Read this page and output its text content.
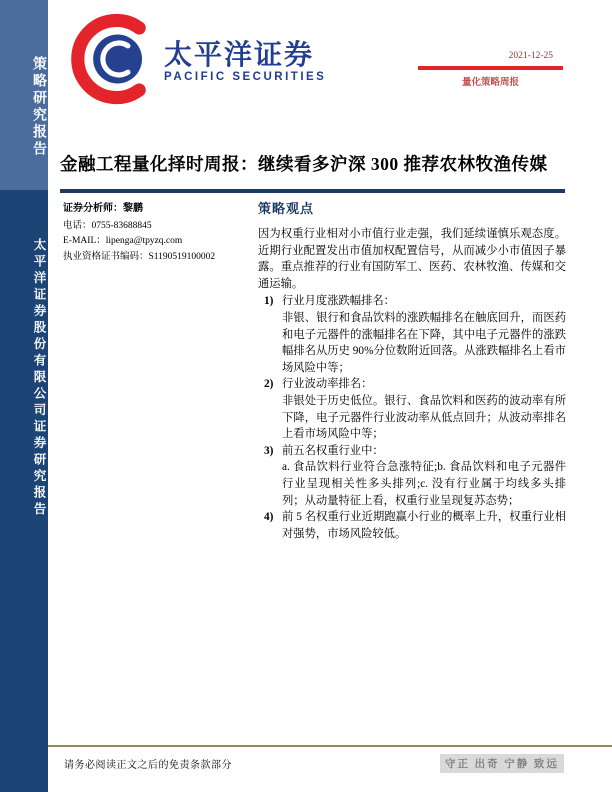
策略研究报告
太平洋证券股份有限公司证券研究报告
太平洋证券
PACIFIC SECURITIES
2021-12-25
量化策略周报
金融工程量化择时周报：继续看多沪深 300 推荐农林牧渔传媒
证券分析师：黎鹏
电话：0755-83688845
E-MAIL：lipenga@tpyzq.com
执业资格证书编码：S1190519100002
策略观点
因为权重行业相对小市值行业走强，我们延续谨慎乐观态度。近期行业配置发出市值加权配置信号，从而减少小市值因子暴露。重点推荐的行业有国防军工、医药、农林牧渔、传媒和交通运输。
1) 行业月度涨跌幅排名：
非银、银行和食品饮料的涨跌幅排名在触底回升，而医药和电子元器件的涨幅排名在下降，其中电子元器件的涨跌幅排名从历史 90%分位数附近回落。从涨跌幅排名上看市场风险中等；
2) 行业波动率排名：
非银处于历史低位。银行、食品饮料和医药的波动率有所下降，电子元器件行业波动率从低点回升；从波动率排名上看市场风险中等；
3) 前五名权重行业中：
a. 食品饮料行业符合急涨特征;b. 食品饮料和电子元器件行业呈现相关性多头排列;c. 没有行业属于均线多头排列；从动量特征上看，权重行业呈现复苏态势；
4) 前 5 名权重行业近期跑赢小行业的概率上升，权重行业相对强势，市场风险较低。
请务必阅读正文之后的免责条款部分	守正 出奇 宁静 致远
